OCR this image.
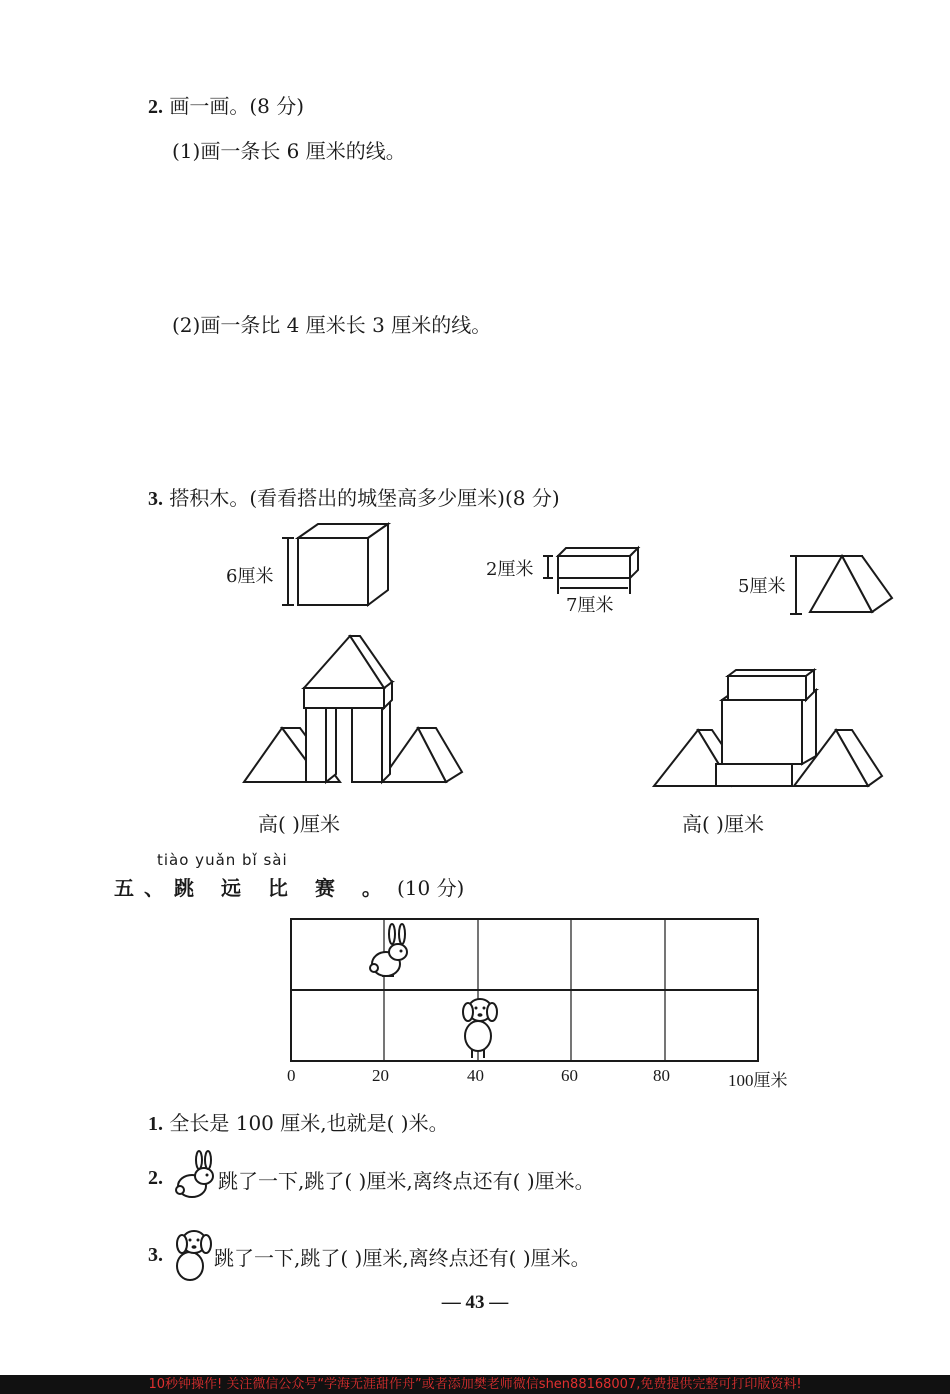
2. 画一画。(8 分)
(1)画一条长 6 厘米的线。
(2)画一条比 4 厘米长 3 厘米的线。
3. 搭积木。(看看搭出的城堡高多少厘米)(8 分)
6厘米	2厘米
7厘米
5厘米
高( )厘米	高( )厘米
tiào yuǎn bǐ sài
五、跳 远 比 赛 。 (10 分)
0	20	40	60	80	100厘米
1. 全长是 100 厘米,也就是( )米。
2.	跳了一下,跳了( )厘米,离终点还有( )厘米。
3.	跳了一下,跳了( )厘米,离终点还有( )厘米。
— 43 —
10秒钟操作! 关注微信公众号“学海无涯甜作舟”或者添加樊老师微信shen88168007,免费提供完整可打印版资料!
